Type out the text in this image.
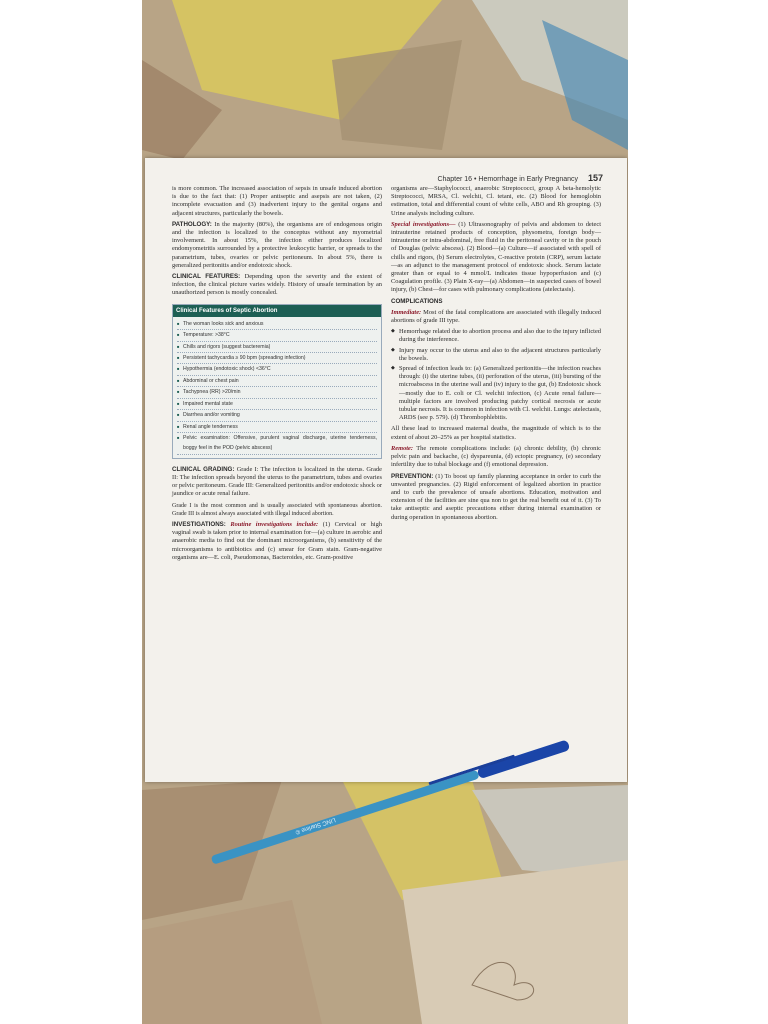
Chapter 16 • Hemorrhage in Early Pregnancy 157

is more common. The increased association of sepsis in unsafe induced abortion is due to the fact that: (1) Proper antiseptic and asepsis are not taken, (2) incomplete evacuation and (3) inadvertent injury to the genital organs and adjacent structures, particularly the bowels.

PATHOLOGY: In the majority (80%), the organisms are of endogenous origin and the infection is localized to the conceptus without any myometrial involvement. In about 15%, the infection either produces localized endomyometritis surrounded by a protective leukocytic barrier, or spreads to the parametrium, tubes, ovaries or pelvic peritoneum. In about 5%, there is generalized peritonitis and/or endotoxic shock.

CLINICAL FEATURES: Depending upon the severity and the extent of infection, the clinical picture varies widely. History of unsafe termination by an unauthorized person is mostly concealed.

Clinical Features of Septic Abortion
■ The woman looks sick and anxious
■ Temperature: >38°C
■ Chills and rigors (suggest bacteremia)
■ Persistent tachycardia ≥ 90 bpm (spreading infection)
■ Hypothermia (endotoxic shock) <36°C
■ Abdominal or chest pain
■ Tachypnea (RR) >20/min
■ Impaired mental state
■ Diarrhea and/or vomiting
■ Renal angle tenderness
■ Pelvic examination: Offensive, purulent vaginal discharge, uterine tenderness, boggy feel in the POD (pelvic abscess)

CLINICAL GRADING: Grade I: The infection is localized in the uterus. Grade II: The infection spreads beyond the uterus to the parametrium, tubes and ovaries or pelvic peritoneum. Grade III: Generalized peritonitis and/or endotoxic shock or jaundice or acute renal failure.

Grade I is the most common and is usually associated with spontaneous abortion. Grade III is almost always associated with illegal induced abortion.

INVESTIGATIONS: Routine investigations include: (1) Cervical or high vaginal swab is taken prior to internal examination for—(a) culture in aerobic and anaerobic media to find out the dominant microorganisms, (b) sensitivity of the microorganisms to antibiotics and (c) smear for Gram stain. Gram-negative organisms are—E. coli, Pseudomonas, Bacteroides, etc. Gram-positive

organisms are—Staphylococci, anaerobic Streptococci, group A beta-hemolytic Streptococci, MRSA, Cl. welchii, Cl. tetani, etc. (2) Blood for hemoglobin estimation, total and differential count of white cells, ABO and Rh grouping. (3) Urine analysis including culture.

Special investigations— (1) Ultrasonography of pelvis and abdomen to detect intrauterine retained products of conception, physometra, foreign body—intrauterine or intra-abdominal, free fluid in the peritoneal cavity or in the pouch of Douglas (pelvic abscess). (2) Blood—(a) Culture—if associated with spell of chills and rigors, (b) Serum electrolytes, C-reactive protein (CRP), serum lactate—as an adjunct to the management protocol of endotoxic shock. Serum lactate greater than or equal to 4 mmol/L indicates tissue hypoperfusion and (c) Coagulation profile. (3) Plain X-ray—(a) Abdomen—in suspected cases of bowel injury, (b) Chest—for cases with pulmonary complications (atelectasis).

COMPLICATIONS

Immediate: Most of the fatal complications are associated with illegally induced abortions of grade III type.

◆ Hemorrhage related due to abortion process and also due to the injury inflicted during the interference.
◆ Injury may occur to the uterus and also to the adjacent structures particularly the bowels.
◆ Spread of infection leads to: (a) Generalized peritonitis—the infection reaches through: (i) the uterine tubes, (ii) perforation of the uterus, (iii) bursting of the microabscess in the uterine wall and (iv) injury to the gut, (b) Endotoxic shock—mostly due to E. coli or Cl. welchii infection, (c) Acute renal failure—multiple factors are involved producing patchy cortical necrosis or acute tubular necrosis. It is common in infection with Cl. welchii. Lungs: atelectasis, ARDS (see p. 579). (d) Thrombophlebitis.

All these lead to increased maternal deaths, the magnitude of which is to the extent of about 20–25% as per hospital statistics.

Remote: The remote complications include: (a) chronic debility, (b) chronic pelvic pain and backache, (c) dyspareunia, (d) ectopic pregnancy, (e) secondary infertility due to tubal blockage and (f) emotional depression.

PREVENTION: (1) To boost up family planning acceptance in order to curb the unwanted pregnancies. (2) Rigid enforcement of legalized abortion in practice and to curb the prevalence of unsafe abortions. Education, motivation and extension of the facilities are sine qua non to get the real benefit out of it. (3) To take antiseptic and aseptic precautions either during internal examination or during operation in spontaneous abortion.

LINC Starline ©
